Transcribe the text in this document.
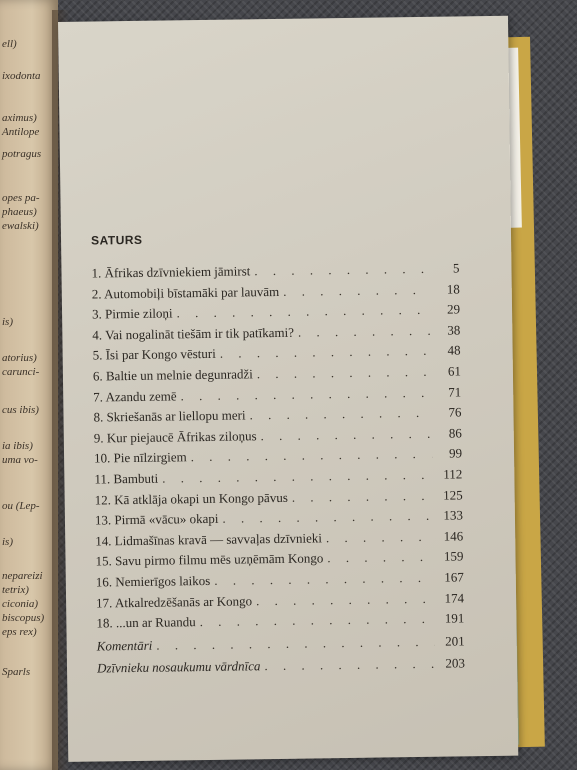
ell)
ixodonta
aximus)
Antilope
potragus
opes pa-
phaeus)
ewalski)
is)
atorius)
carunci-
cus ibis)
ia ibis)
uma vo-
ou (Lep-
is)
nepareizi
tetrix)
ciconia)
biscopus)
eps rex)
Sparls
SATURS
1. Āfrikas dzīvniekiem jāmirst . . .	5
2. Automobiļi bīstamāki par lauvām . . .	18
3. Pirmie ziloņi . . .	29
4. Vai nogalināt tiešām ir tik patīkami? . . .	38
5. Īsi par Kongo vēsturi . . .	48
6. Baltie un melnie degunradži . . .	61
7. Azandu zemē . . .	71
8. Skriešanās ar liellopu meri . . .	76
9. Kur piejaucē Āfrikas ziloņus . . .	86
10. Pie nīlzirgiem . . .	99
11. Bambuti . . .	112
12. Kā atklāja okapi un Kongo pāvus . . .	125
13. Pirmā «vācu» okapi . . .	133
14. Lidmašīnas kravā — savvaļas dzīvnieki . . .	146
15. Savu pirmo filmu mēs uzņēmām Kongo . . .	159
16. Nemierīgos laikos . . .	167
17. Atkalredzēšanās ar Kongo . . .	174
18. ...un ar Ruandu . . .	191
Komentāri . . .	201
Dzīvnieku nosaukumu vārdnīca . . .	203
